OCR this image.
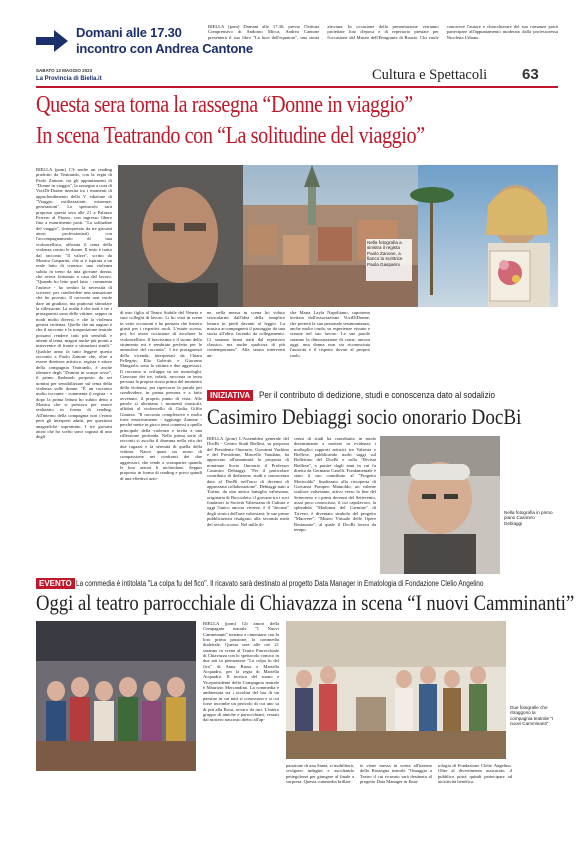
Domani alle 17.30
incontro con Andrea Cantone
BIELLA (pom) Domani alle 17.30, presso l'Istituto Comprensivo di Andorno Micca, Andrea Cantone presenterà il suo libro "La luce dell'equatore", una storia africana. In occasione della presentazione verranno proiettate foto d'epoca e di repertorio prestate per l'occasione dal Museo dell'Emigrante di Roasio. Chi vuole conoscere l'autore e chiacchierare del suo romanzo potrà partecipare all'appuntamento moderato dalla professoressa Nicoletta Urbano.
SABATO 13 MAGGIO 2023
La Provincia di Biella.it	Cultura e Spettacoli 63
Questa sera torna la rassegna “Donne in viaggio”
In scena Teatrando con “La solitudine del viaggio”
BIELLA (pom) C'è anche un reading prodotto da Teatrando, con la regia di Paolo Zanone, tra gli appuntamenti di "Donne in viaggio", la rassegna a cura di VociDi-Donne inserita tra i momenti di approfondimento della V edizione di "Viaggio, ostilizzazioni, esistenze, generazioni". Lo spettacolo sarà proposto questa sera alle 21 a Palazzo Ferrero al Piazzo, con ingresso libero fino a esaurimento posti. "La solitudine del viaggio", (interpretato da tre giovani attori professionisti) con l'accompagnamento di una violoncellista, affronta il tema della violenza contro le donne. Il testo è tratto dal racconto "Il valzer", scritto da Monica Gasparini, che si è ispirata a un reale fatto di cronaca: una violenza subita in treno da una giovane donna, che aveva fortunato a casa dal lavoro. "Quando ho letto quel fatto - commenta l'autrice - ho sentito la necessità di scrivere, per condividere una sensazione che ho provato. Il racconto non vuole dare un giudizio, ma piuttosto stimolare la riflessione. La realtà è che tutti e tre i protagonisti sono delle vittime, seppur in modi molto diversi, e che la violenza genera violenza. Quello che mi auguro è che il racconto e la trasposizione teatrale possano rendere tutti più sensibili e attenti al tema, magari anche più pronti a intervenire di fronte a situazioni simili." Qualche anno fa tutto leggere questo racconto a Paolo Zanone che, oltre a essere direttore artistico, regista e attore della compagnia Teatrando, è anche ideatore degli "Domini in scarpe rosse", il primo flashmob proposto da sei uomini per sensibilizzare sul tema della violenza sulle donne. "È un racconto molto toccante - commenta il regista - e dopo la prima lettura ho subito detto a Monica che si prestava per essere realizzato in forma di reading. All'interno della compagnia non c'erano però gli interpreti adatti, per questioni anagrafiche soprattutto. I tre giovani attori che ho scelto sono cognati di uno degli
Nella fotografia a sinistra il regista Paolo Zanone, a fianco la scrittrice Paola Gasparini
di mio figlio al Teatro Stabile del Veneto e suoi colleghi di lavoro. Li ho visti in scena in varie occasioni e ho pensato che fossero giusti per i rispettivi ruoli. L'estate scorsa, poi, ho avuto occasione di ascoltare la violoncellista. Il bravissima e il suono dello strumento mi è sembrato perfetto per le atmosfere del racconto". I tre protagonisti della vicenda, interpretati da Chiara Pellegrin, Elia Galeotti e Giacomo Mangiola, sono la vittima e due aggressori. Il racconto si sviluppa su sei monologhi. Ciascuno dei tre, infatti, racconta in terza persona la propria storia prima del momento della violenza, poi ripercorre la purula per condividere, in prima persona e a fatto avvenuto, il proprio punto di vista. Alle parole si alternano i momenti musicali, affidati al violoncello di Giulia Giffio Gianera. "Il racconto complessivo e molto forte emotivamente - aggiunge Zanone - perché mette in gioco temi connessi a quello principale della violenza e invita a una riflessione profonda. Nella prima serie di racconti si ascolta il dramma nella vita dei due ragazzi e la serenità di quella della vittima. Nasce quasi un senso di compassione nei confronti dei due aggressori, che tende a scomparire quando le loro azioni li inchiodano. Seppur proposto in forma di reading e privo quindi di una effettiva azio-
ne, nella messa in scena ho voluto svincolarmi dall'idea della semplice lettura in piedi davanti al leggio. La musica accompagnerà il passaggio da una storia all'altra, facendo da collegamento. Ci saranno brani tratti dal repertorio classico, ma anche qualcosa di più contemporaneo". Alla serata interverrà an-
che Marta Layla Napolitano, capotreno invitata dall'associazione VociDiDonne, che porterà la sua personale testimonianza, anche molto cruda, su esperienze vissute e vissute nel suo lavoro. Le sue parole saranno la dimostrazione di come, ancora oggi, una donna non sia riconosciuta l'autorità e il rispetto dovuti al proprio ruolo.
INIZIATIVA Per il contributo di dedizione, studi e conoscenza dato al sodalizio
Casimiro Debiaggi socio onorario DocBi
BIELLA (pom) L'Assemblea generale del DocBi - Centro Studi Biellesi, su proposta del Presidente Onorario, Giovanni Vachino e del Presidente, Marcello Vaudano, ha approvato all'unanimità la proposta di nominare Socio Onorario il Professor Casimiro Debiaggi. "Per il particolare contributo di dedizione, studi e conoscenza dato al DocBi nell'arco di decenni di apprezzata collaborazione". Debiaggi nato a Torino, da una antica famiglia valsesiana, originaria di Boccioleto, il giovane tra i soci fondatori la Società Valsesiana di Cultura e oggi l'unico ancora vivente, è il "decano" degli storici dell'arte valsesiani: le sue prime pubblicazioni risalgono alla seconda metà del secolo scorso. Nel mille di-
cenni di studi ha contribuito in modo determinante a mettere in evidenza i molteplici rapporti artistici tra Valsesia e Biellese, pubblicando molti saggi sul Bollettino del DocBi e sulla "Rivista Biellese", a partire dagli anni in cui fu diretta da Germano Caselli. Fondamentale è stato il suo contributo al "Progetto Motivoldo" finalizzato alla riscoperta di Giovanni Pompeo Mainoldo, un valente scultore valsesiano, attivo verso la fine del Settecento e i primi decenni del Settecento, assai poco conosciuto, il cui capolavoro, la splendida "Madonna del Carmine" di Trivero, è diventato simbolo del progetto "Muovere", "Museo Virtuale delle Opere Restaurate", al quale il DocBi lavora da tempo.
Nella fotografia in primo piano Casimiro Debiaggi
EVENTO La commedia è intitolata "La colpa fu del fico". Il ricavato sarà destinato al progetto Data Manager in Ematologia di Fondazione Clelio Angelino
Oggi al teatro parrocchiale di Chiavazza in scena “I nuovi Camminanti”
BIELLA (pom) Gli amori della Compagnia teatrale "I Nuovi Camminanti" tornano a cimentarsi con la loro prima passione, la commedia dialettale. Questa sera alle ore 21 saranno in scena al Teatro Parrocchiale di Chiavazza con lo spettacolo comico in due atti in piemontese "La colpa fu del fico" di Anna Brusa e Mariella Acquadro, per la regia di Mariella Acquadro. Il tecnico del suono e Vicepresidente della Compagnia teatrale è Maurizio Mercandino. La commedia è ambientata tra i tavolini del bar di un paesino in cui tutti si conoscono e si cui forse incombe un pericolo di cui uno sa di più alla Rosa, avvaro da turi. L'intero gruppo di amiche e parrocchiani, vessati dal mistero nascosto dietro all'ap-
Due fotografie che ritraggono la compagnia teatrale "I nuovi Camminanti"
parizione di una Santa, si mobiliterà, svolgono indagini e ascoltando pettegolezzi per giungere al finale a sorpresa. Questa commedia brillan-
te viene messa in scena all'interno della Rassegna teatrale "Omaggio a Teatro il cui ricavato sarà destinato al progetto Data Manager in Ema-
tologia di Fondazione Clelio Angelino. Oltre al divertimento assicurato, il pubblico potrà quindi partecipare ad un'attività benefica.
